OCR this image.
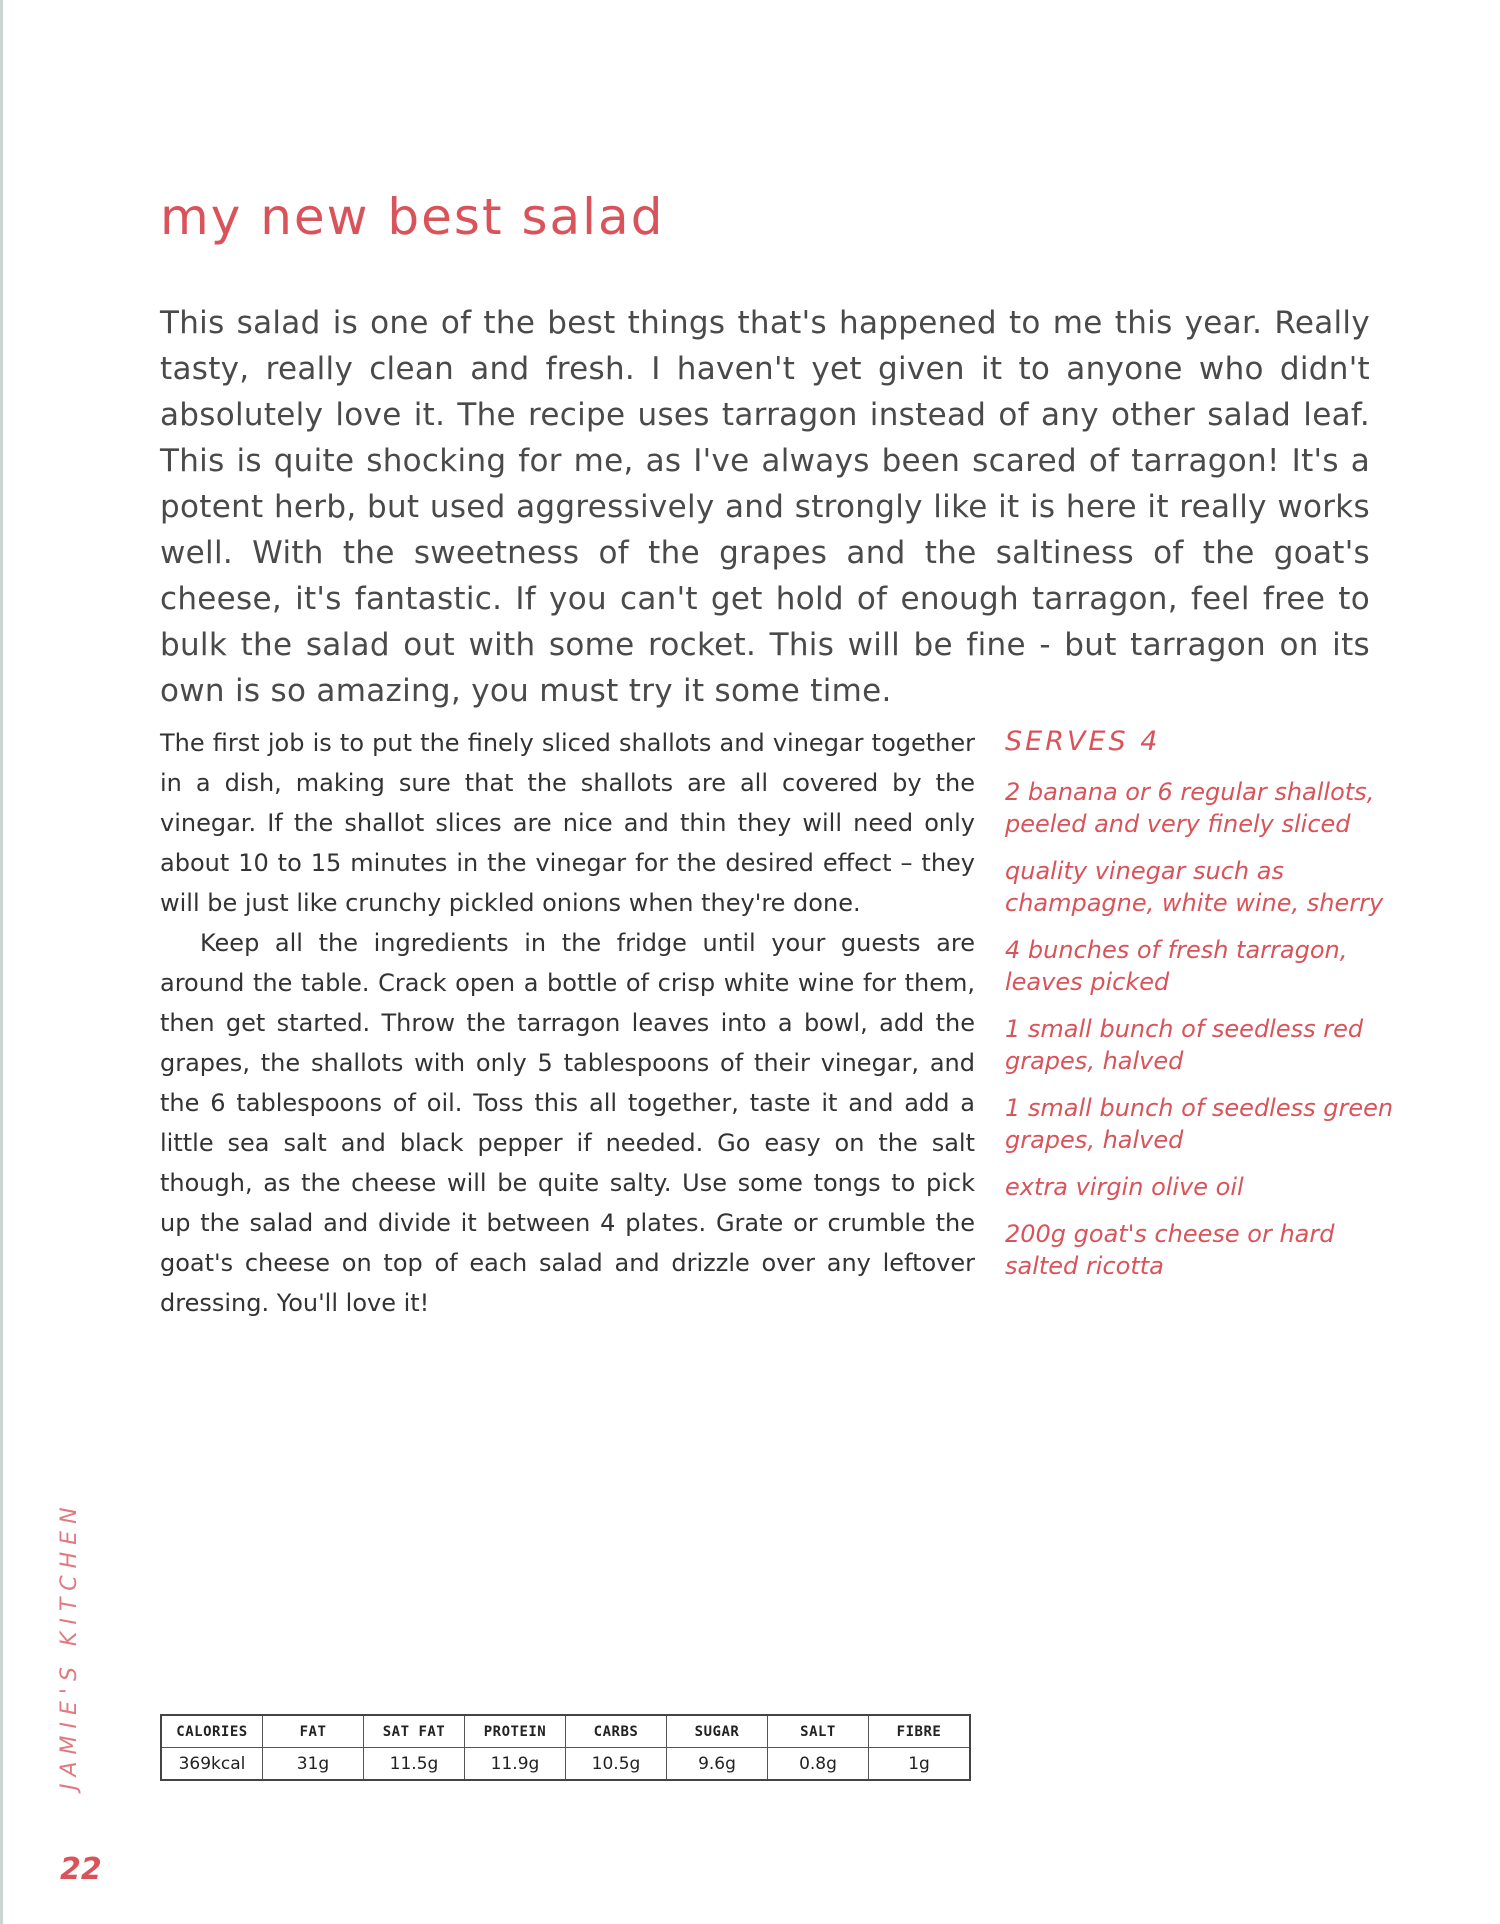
my new best salad

This salad is one of the best things that's happened to me this year. Really tasty, really clean and fresh. I haven't yet given it to anyone who didn't absolutely love it. The recipe uses tarragon instead of any other salad leaf. This is quite shocking for me, as I've always been scared of tarragon! It's a potent herb, but used aggressively and strongly like it is here it really works well. With the sweetness of the grapes and the saltiness of the goat's cheese, it's fantastic. If you can't get hold of enough tarragon, feel free to bulk the salad out with some rocket. This will be fine - but tarragon on its own is so amazing, you must try it some time.

The first job is to put the finely sliced shallots and vinegar together in a dish, making sure that the shallots are all covered by the vinegar. If the shallot slices are nice and thin they will need only about 10 to 15 minutes in the vinegar for the desired effect – they will be just like crunchy pickled onions when they're done.

Keep all the ingredients in the fridge until your guests are around the table. Crack open a bottle of crisp white wine for them, then get started. Throw the tarragon leaves into a bowl, add the grapes, the shallots with only 5 tablespoons of their vinegar, and the 6 tablespoons of oil. Toss this all together, taste it and add a little sea salt and black pepper if needed. Go easy on the salt though, as the cheese will be quite salty. Use some tongs to pick up the salad and divide it between 4 plates. Grate or crumble the goat's cheese on top of each salad and drizzle over any leftover dressing. You'll love it!

SERVES 4
2 banana or 6 regular shallots, peeled and very finely sliced
quality vinegar such as champagne, white wine, sherry
4 bunches of fresh tarragon, leaves picked
1 small bunch of seedless red grapes, halved
1 small bunch of seedless green grapes, halved
extra virgin olive oil
200g goat's cheese or hard salted ricotta
CALORIES	FAT	SAT FAT	PROTEIN	CARBS	SUGAR	SALT	FIBRE
369kcal	31g	11.5g	11.9g	10.5g	9.6g	0.8g	1g
JAMIE'S KITCHEN
22
